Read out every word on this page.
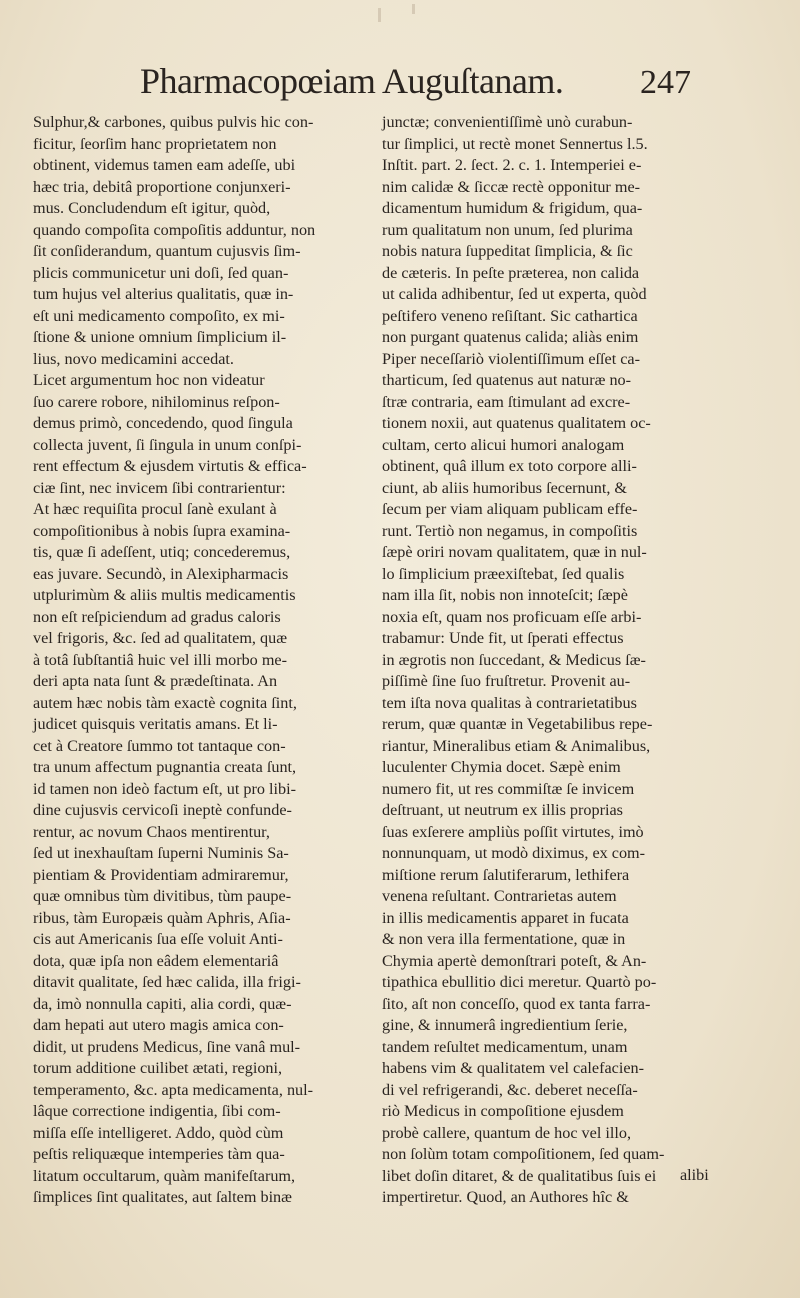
Pharmacopœiam Auguſtanam. 247
Sulphur,& carbones, quibus pulvis hic con-
ficitur, ſeorſim hanc proprietatem non
obtinent, videmus tamen eam adeſſe, ubi
hæc tria, debitâ proportione conjunxeri-
mus. Concludendum eſt igitur, quòd,
quando compoſita compoſitis adduntur, non
ſit conſiderandum, quantum cujusvis ſim-
plicis communicetur uni doſi, ſed quan-
tum hujus vel alterius qualitatis, quæ in-
eſt uni medicamento compoſito, ex mi-
ſtione & unione omnium ſimplicium il-
lius, novo medicamini accedat.
Licet argumentum hoc non videatur
ſuo carere robore, nihilominus reſpon-
demus primò, concedendo, quod ſingula
collecta juvent, ſi ſingula in unum conſpi-
rent effectum & ejusdem virtutis & effica-
ciæ ſint, nec invicem ſibi contrarientur:
At hæc requiſita procul ſanè exulant à
compoſitionibus à nobis ſupra examina-
tis, quæ ſi adeſſent, utiq; concederemus,
eas juvare. Secundò, in Alexipharmacis
utplurimùm & aliis multis medicamentis
non eſt reſpiciendum ad gradus caloris
vel frigoris, &c. ſed ad qualitatem, quæ
à totâ ſubſtantiâ huic vel illi morbo me-
deri apta nata ſunt & prædeſtinata. An
autem hæc nobis tàm exactè cognita ſint,
judicet quisquis veritatis amans. Et li-
cet à Creatore ſummo tot tantaque con-
tra unum affectum pugnantia creata ſunt,
id tamen non ideò factum eſt, ut pro libi-
dine cujusvis cervicoſi ineptè confunde-
rentur, ac novum Chaos mentirentur,
ſed ut inexhauſtam ſuperni Numinis Sa-
pientiam & Providentiam admiraremur,
quæ omnibus tùm divitibus, tùm paupe-
ribus, tàm Europæis quàm Aphris, Aſia-
cis aut Americanis ſua eſſe voluit Anti-
dota, quæ ipſa non eâdem elementariâ
ditavit qualitate, ſed hæc calida, illa frigi-
da, imò nonnulla capiti, alia cordi, quæ-
dam hepati aut utero magis amica con-
didit, ut prudens Medicus, ſine vanâ mul-
torum additione cuilibet ætati, regioni,
temperamento, &c. apta medicamenta, nul-
lâque correctione indigentia, ſibi com-
miſſa eſſe intelligeret. Addo, quòd cùm
peſtis reliquæque intemperies tàm qua-
litatum occultarum, quàm manifeſtarum,
ſimplices ſint qualitates, aut ſaltem binæ
junctæ; convenientiſſimè unò curabun-
tur ſimplici, ut rectè monet Sennertus l.5.
Inſtit. part. 2. ſect. 2. c. 1. Intemperiei e-
nim calidæ & ſiccæ rectè opponitur me-
dicamentum humidum & frigidum, qua-
rum qualitatum non unum, ſed plurima
nobis natura ſuppeditat ſimplicia, & ſic
de cæteris. In peſte præterea, non calida
ut calida adhibentur, ſed ut experta, quòd
peſtifero veneno reſiſtant. Sic cathartica
non purgant quatenus calida; aliàs enim
Piper neceſſariò violentiſſimum eſſet ca-
tharticum, ſed quatenus aut naturæ no-
ſtræ contraria, eam ſtimulant ad excre-
tionem noxii, aut quatenus qualitatem oc-
cultam, certo alicui humori analogam
obtinent, quâ illum ex toto corpore alli-
ciunt, ab aliis humoribus ſecernunt, &
ſecum per viam aliquam publicam effe-
runt. Tertiò non negamus, in compoſitis
ſæpè oriri novam qualitatem, quæ in nul-
lo ſimplicium præexiſtebat, ſed qualis
nam illa ſit, nobis non innoteſcit; ſæpè
noxia eſt, quam nos proficuam eſſe arbi-
trabamur: Unde fit, ut ſperati effectus
in ægrotis non ſuccedant, & Medicus ſæ-
piſſimè ſine ſuo fruſtretur. Provenit au-
tem iſta nova qualitas à contrarietatibus
rerum, quæ quantæ in Vegetabilibus repe-
riantur, Mineralibus etiam & Animalibus,
luculenter Chymia docet. Sæpè enim
numero fit, ut res commiſtæ ſe invicem
deſtruant, ut neutrum ex illis proprias
ſuas exſerere ampliùs poſſit virtutes, imò
nonnunquam, ut modò diximus, ex com-
miſtione rerum ſalutiferarum, lethifera
venena reſultant. Contrarietas autem
in illis medicamentis apparet in fucata
& non vera illa fermentatione, quæ in
Chymia apertè demonſtrari poteſt, & An-
tipathica ebullitio dici meretur. Quartò po-
ſito, aſt non conceſſo, quod ex tanta farra-
gine, & innumerâ ingredientium ſerie,
tandem reſultet medicamentum, unam
habens vim & qualitatem vel calefacien-
di vel refrigerandi, &c. deberet neceſſa-
riò Medicus in compoſitione ejusdem
probè callere, quantum de hoc vel illo,
non ſolùm totam compoſitionem, ſed quam-
libet doſin ditaret, & de qualitatibus ſuis ei
impertiretur. Quod, an Authores hîc &
alibi
